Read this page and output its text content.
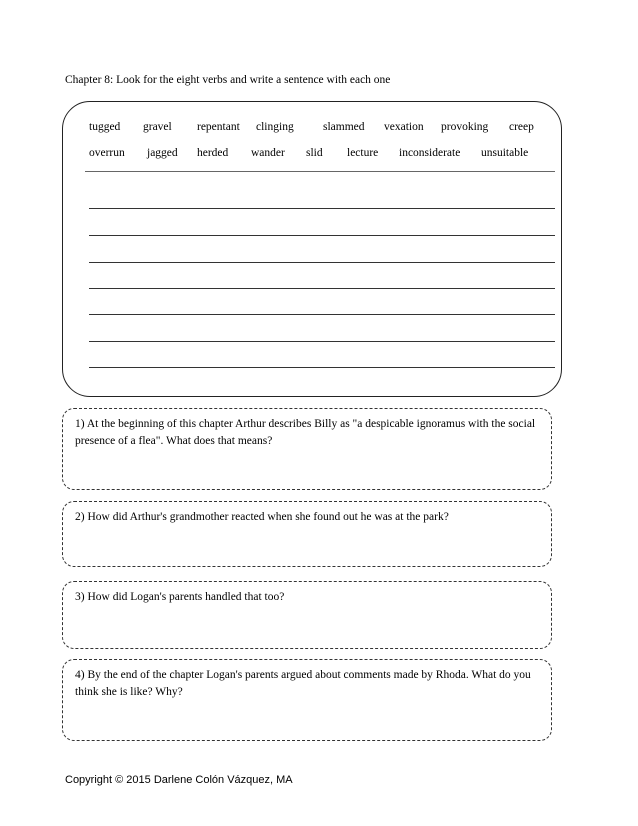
Chapter 8: Look for the eight verbs and write a sentence with each one
tugged gravel repentant clinging	slammed vexation provoking creep
overrun jagged herded wander slid lecture inconsiderate unsuitable
1) At the beginning of this chapter Arthur describes Billy as "a despicable ignoramus with the social presence of a flea". What does that means?
2) How did Arthur's grandmother reacted when she found out he was at the park?
3) How did Logan's parents handled that too?
4) By the end of the chapter Logan's parents argued about comments made by Rhoda. What do you think she is like? Why?
Copyright © 2015 Darlene Colón Vázquez, MA
